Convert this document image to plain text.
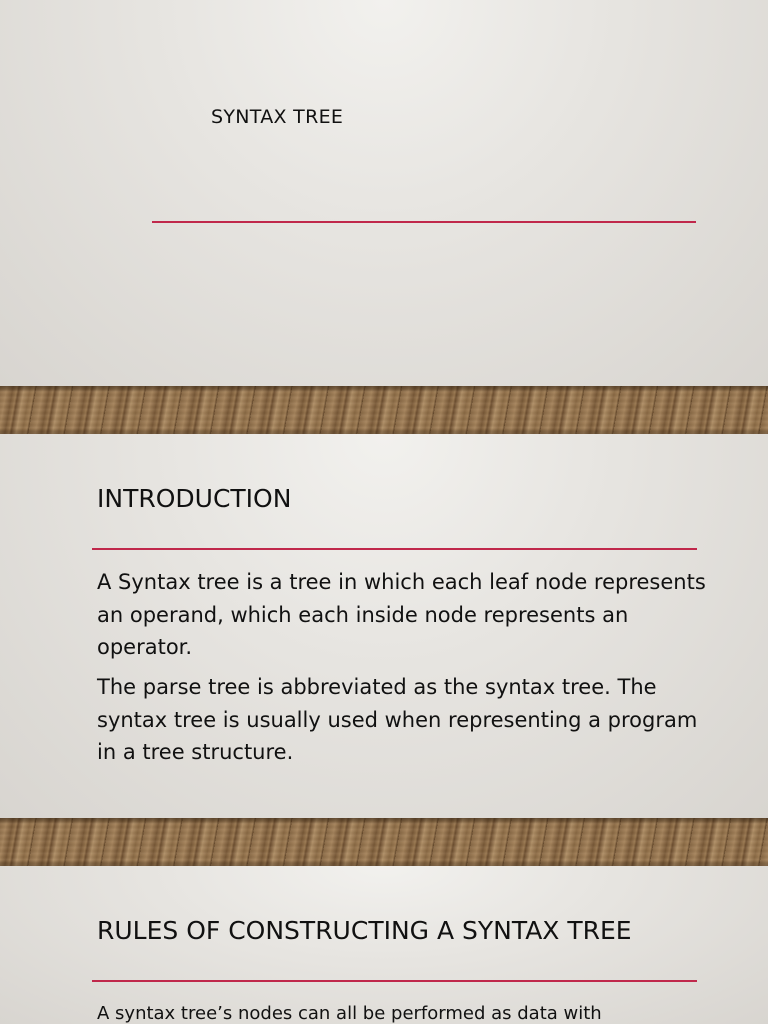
SYNTAX TREE
INTRODUCTION

A Syntax tree is a tree in which each leaf node represents an operand, which each inside node represents an operator.

The parse tree is abbreviated as the syntax tree. The syntax tree is usually used when representing a program in a tree structure.

RULES OF CONSTRUCTING A SYNTAX TREE

A syntax tree’s nodes can all be performed as data with
